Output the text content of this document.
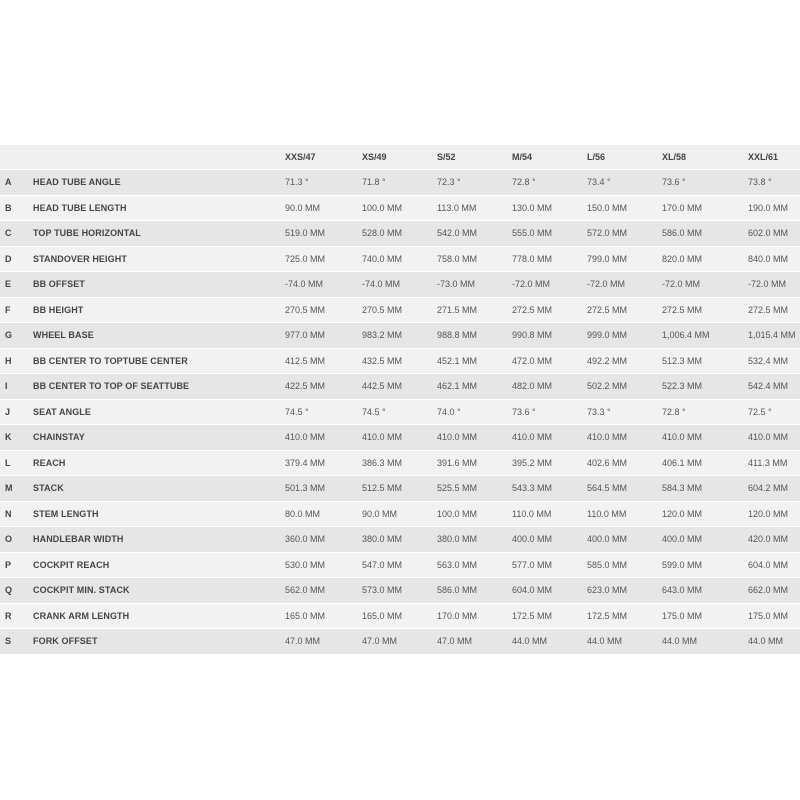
		XXS/47	XS/49	S/52	M/54	L/56	XL/58	XXL/61
A	HEAD TUBE ANGLE	71.3 °	71.8 °	72.3 °	72.8 °	73.4 °	73.6 °	73.8 °
B	HEAD TUBE LENGTH	90.0 MM	100.0 MM	113.0 MM	130.0 MM	150.0 MM	170.0 MM	190.0 MM
C	TOP TUBE HORIZONTAL	519.0 MM	528.0 MM	542.0 MM	555.0 MM	572.0 MM	586.0 MM	602.0 MM
D	STANDOVER HEIGHT	725.0 MM	740.0 MM	758.0 MM	778.0 MM	799.0 MM	820.0 MM	840.0 MM
E	BB OFFSET	-74.0 MM	-74.0 MM	-73.0 MM	-72.0 MM	-72.0 MM	-72.0 MM	-72.0 MM
F	BB HEIGHT	270.5 MM	270.5 MM	271.5 MM	272.5 MM	272.5 MM	272.5 MM	272.5 MM
G	WHEEL BASE	977.0 MM	983.2 MM	988.8 MM	990.8 MM	999.0 MM	1,006.4 MM	1,015.4 MM
H	BB CENTER TO TOPTUBE CENTER	412.5 MM	432.5 MM	452.1 MM	472.0 MM	492.2 MM	512.3 MM	532.4 MM
I	BB CENTER TO TOP OF SEATTUBE	422.5 MM	442.5 MM	462.1 MM	482.0 MM	502.2 MM	522.3 MM	542.4 MM
J	SEAT ANGLE	74.5 °	74.5 °	74.0 °	73.6 °	73.3 °	72.8 °	72.5 °
K	CHAINSTAY	410.0 MM	410.0 MM	410.0 MM	410.0 MM	410.0 MM	410.0 MM	410.0 MM
L	REACH	379.4 MM	386.3 MM	391.6 MM	395.2 MM	402.6 MM	406.1 MM	411.3 MM
M	STACK	501.3 MM	512.5 MM	525.5 MM	543.3 MM	564.5 MM	584.3 MM	604.2 MM
N	STEM LENGTH	80.0 MM	90.0 MM	100.0 MM	110.0 MM	110.0 MM	120.0 MM	120.0 MM
O	HANDLEBAR WIDTH	360.0 MM	380.0 MM	380.0 MM	400.0 MM	400.0 MM	400.0 MM	420.0 MM
P	COCKPIT REACH	530.0 MM	547.0 MM	563.0 MM	577.0 MM	585.0 MM	599.0 MM	604.0 MM
Q	COCKPIT MIN. STACK	562.0 MM	573.0 MM	586.0 MM	604.0 MM	623.0 MM	643.0 MM	662.0 MM
R	CRANK ARM LENGTH	165.0 MM	165.0 MM	170.0 MM	172.5 MM	172.5 MM	175.0 MM	175.0 MM
S	FORK OFFSET	47.0 MM	47.0 MM	47.0 MM	44.0 MM	44.0 MM	44.0 MM	44.0 MM
